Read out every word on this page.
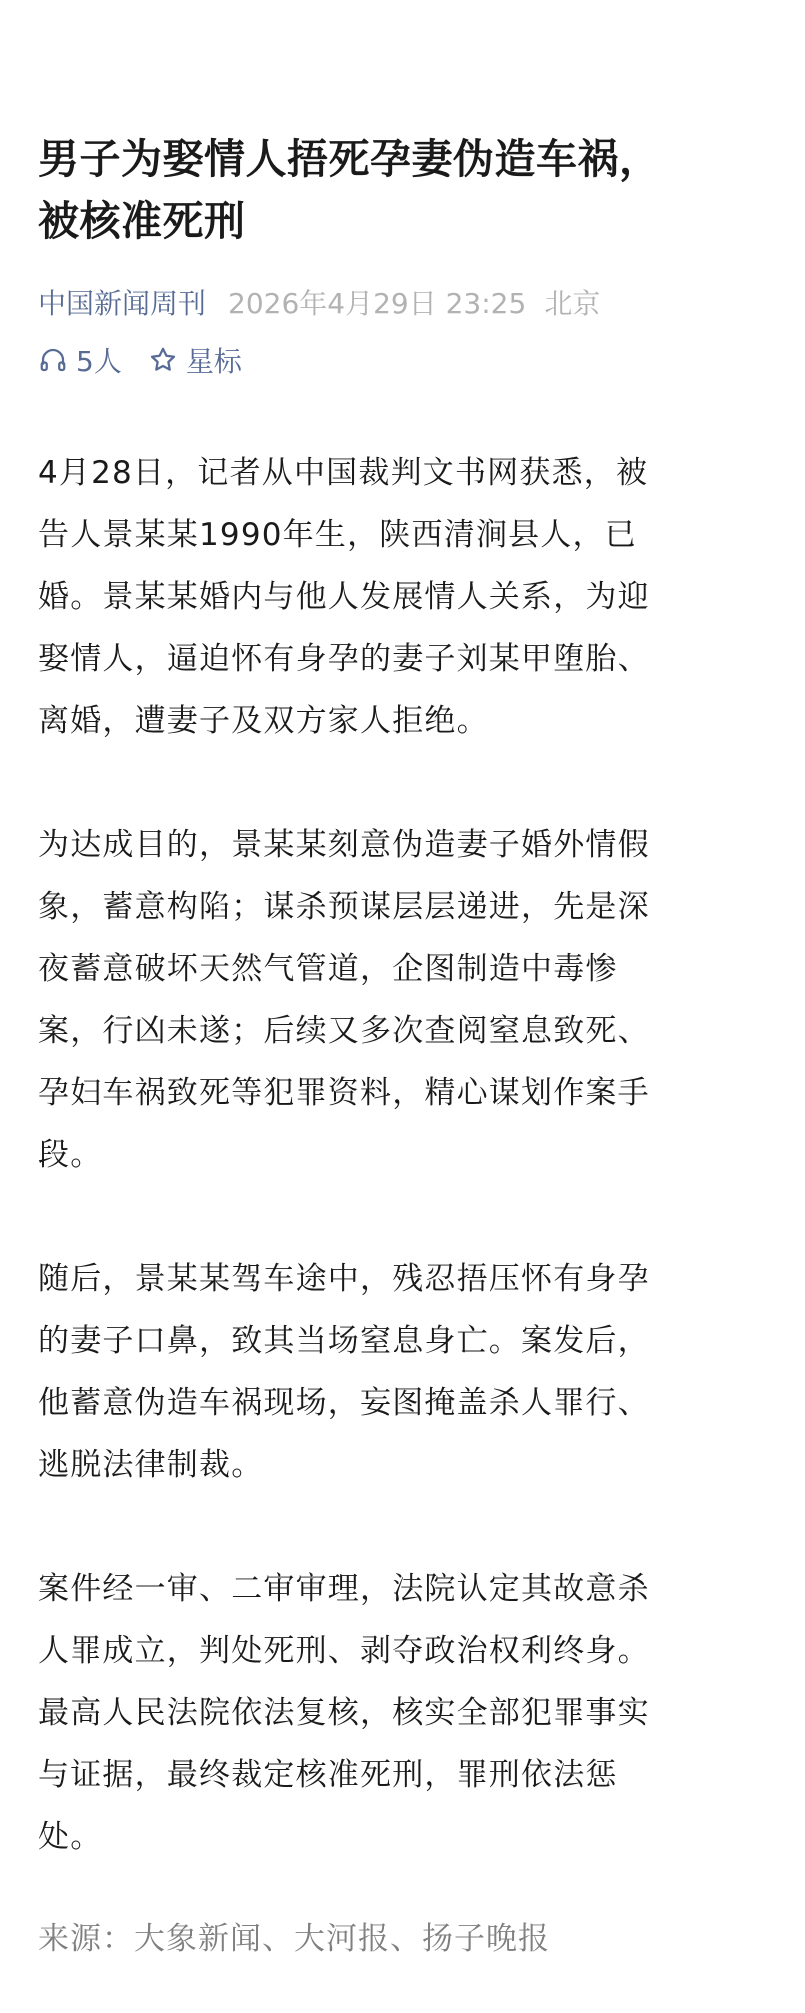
男子为娶情人捂死孕妻伪造车祸，
被核准死刑
中国新闻周刊 2026年4月29日 23:25 北京
5人 星标

4月28日，记者从中国裁判文书网获悉，被
告人景某某1990年生，陕西清涧县人，已
婚。景某某婚内与他人发展情人关系，为迎
娶情人，逼迫怀有身孕的妻子刘某甲堕胎、
离婚，遭妻子及双方家人拒绝。

为达成目的，景某某刻意伪造妻子婚外情假
象，蓄意构陷；谋杀预谋层层递进，先是深
夜蓄意破坏天然气管道，企图制造中毒惨
案，行凶未遂；后续又多次查阅窒息致死、
孕妇车祸致死等犯罪资料，精心谋划作案手
段。

随后，景某某驾车途中，残忍捂压怀有身孕
的妻子口鼻，致其当场窒息身亡。案发后，
他蓄意伪造车祸现场，妄图掩盖杀人罪行、
逃脱法律制裁。

案件经一审、二审审理，法院认定其故意杀
人罪成立，判处死刑、剥夺政治权利终身。
最高人民法院依法复核，核实全部犯罪事实
与证据，最终裁定核准死刑，罪刑依法惩
处。

来源：大象新闻、大河报、扬子晚报
